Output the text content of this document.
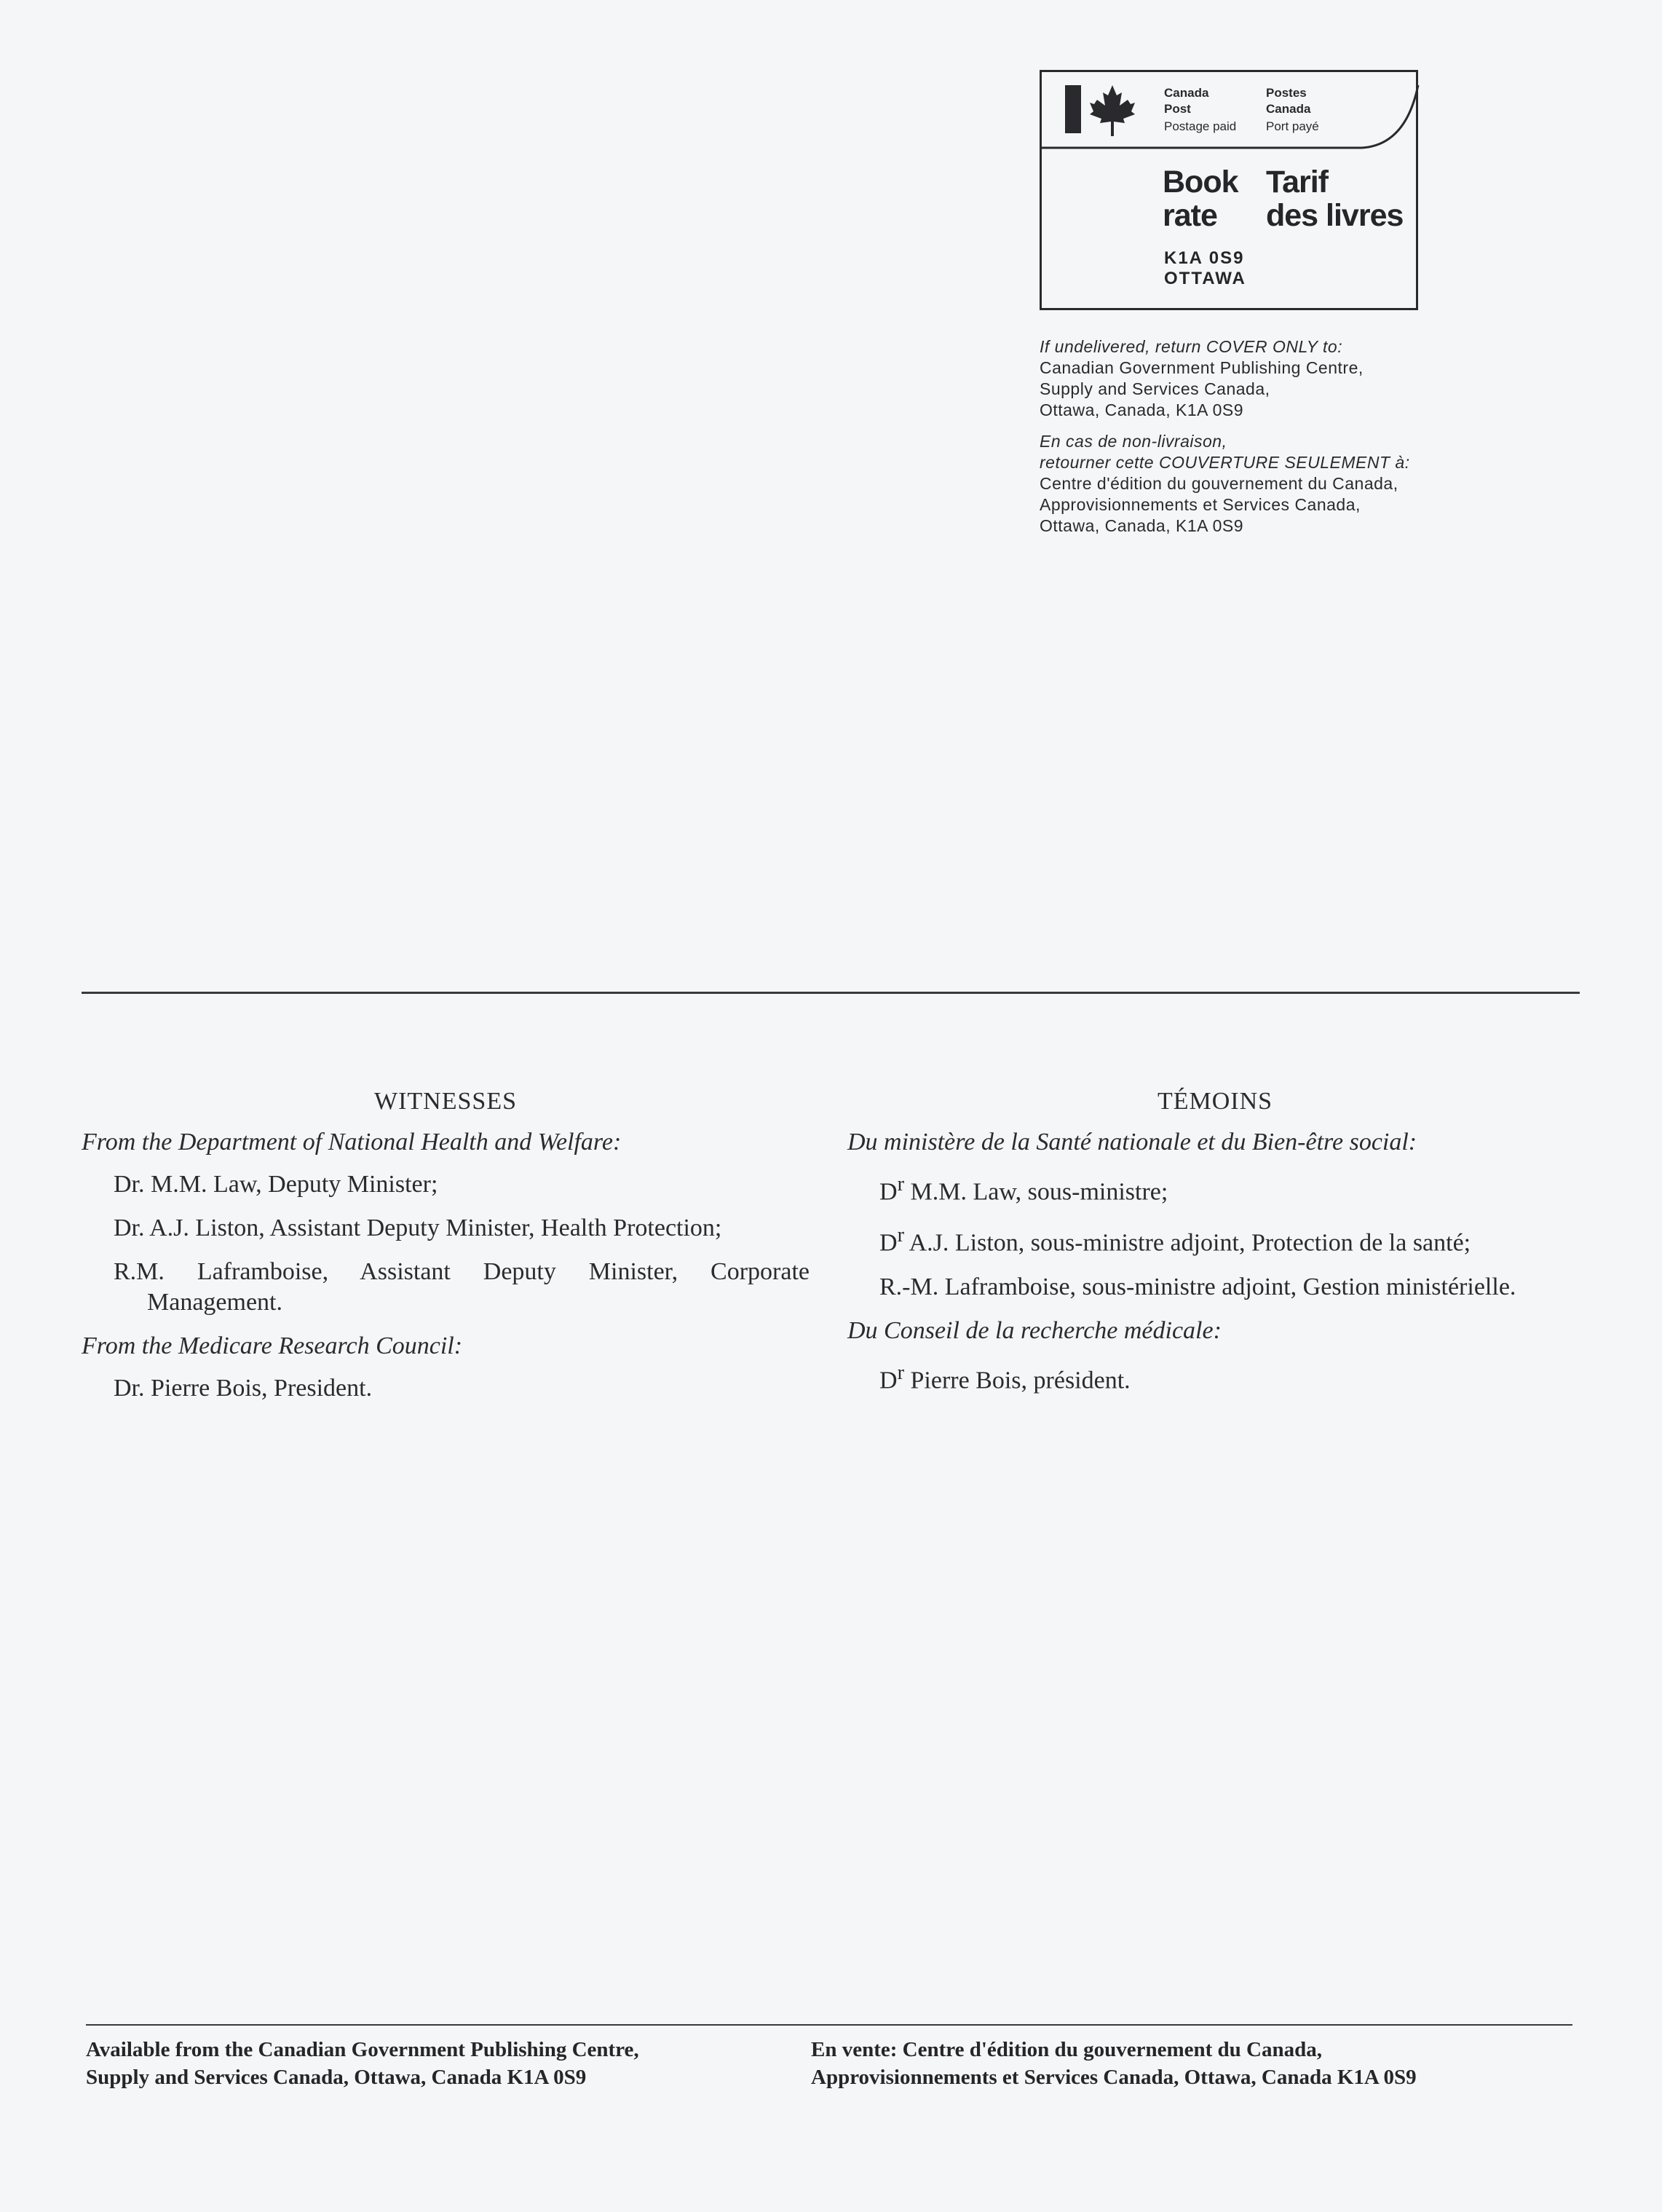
Canada
Post
Postage paid
Postes
Canada
Port payé
Book
rate
Tarif
des livres
K1A 0S9
OTTAWA
If undelivered, return COVER ONLY to:
Canadian Government Publishing Centre,
Supply and Services Canada,
Ottawa, Canada, K1A 0S9
En cas de non-livraison,
retourner cette COUVERTURE SEULEMENT à:
Centre d'édition du gouvernement du Canada,
Approvisionnements et Services Canada,
Ottawa, Canada, K1A 0S9
WITNESSES
From the Department of National Health and Welfare:
Dr. M.M. Law, Deputy Minister;
Dr. A.J. Liston, Assistant Deputy Minister, Health Protection;
R.M. Laframboise, Assistant Deputy Minister, Corporate Management.
From the Medicare Research Council:
Dr. Pierre Bois, President.
TÉMOINS
Du ministère de la Santé nationale et du Bien-être social:
$D^r$ M.M. Law, sous-ministre;
$D^r$ A.J. Liston, sous-ministre adjoint, Protection de la santé;
R.-M. Laframboise, sous-ministre adjoint, Gestion ministérielle.
Du Conseil de la recherche médicale:
$D^r$ Pierre Bois, président.
Available from the Canadian Government Publishing Centre,
Supply and Services Canada, Ottawa, Canada K1A 0S9
En vente: Centre d'édition du gouvernement du Canada,
Approvisionnements et Services Canada, Ottawa, Canada K1A 0S9
